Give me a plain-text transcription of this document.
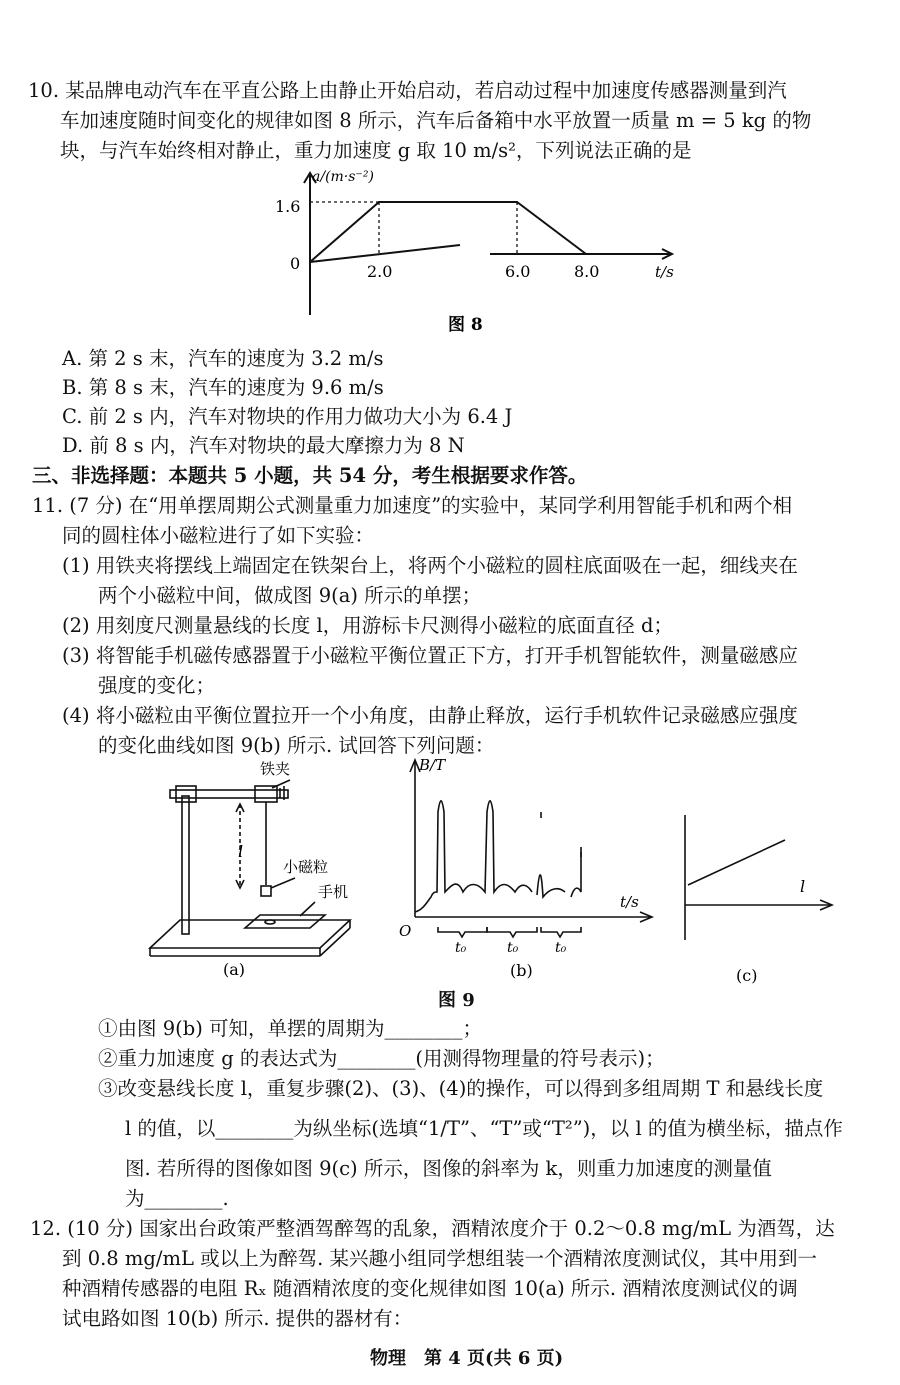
10. 某品牌电动汽车在平直公路上由静止开始启动，若启动过程中加速度传感器测量到汽
车加速度随时间变化的规律如图 8 所示，汽车后备箱中水平放置一质量 m = 5 kg 的物
块，与汽车始终相对静止，重力加速度 g 取 10 m/s²，下列说法正确的是
a/(m·s⁻²)
1.6
0	2.0	6.0	8.0	t/s
图 8
A. 第 2 s 末，汽车的速度为 3.2 m/s
B. 第 8 s 末，汽车的速度为 9.6 m/s
C. 前 2 s 内，汽车对物块的作用力做功大小为 6.4 J
D. 前 8 s 内，汽车对物块的最大摩擦力为 8 N
三、非选择题：本题共 5 小题，共 54 分，考生根据要求作答。
11. (7 分) 在“用单摆周期公式测量重力加速度”的实验中，某同学利用智能手机和两个相
同的圆柱体小磁粒进行了如下实验：
(1) 用铁夹将摆线上端固定在铁架台上，将两个小磁粒的圆柱底面吸在一起，细线夹在
两个小磁粒中间，做成图 9(a) 所示的单摆；
(2) 用刻度尺测量悬线的长度 l，用游标卡尺测得小磁粒的底面直径 d；
(3) 将智能手机磁传感器置于小磁粒平衡位置正下方，打开手机智能软件，测量磁感应
强度的变化；
(4) 将小磁粒由平衡位置拉开一个小角度，由静止释放，运行手机软件记录磁感应强度
的变化曲线如图 9(b) 所示. 试回答下列问题：
l
铁夹
小磁粒
手机
(a)
B/T
t/s
O
t₀	t₀	t₀
(b)
l
(c)
图 9
①由图 9(b) 可知，单摆的周期为________；
②重力加速度 g 的表达式为________(用测得物理量的符号表示)；
③改变悬线长度 l，重复步骤(2)、(3)、(4)的操作，可以得到多组周期 T 和悬线长度
l 的值，以________为纵坐标(选填“1/T”、“T”或“T²”)，以 l 的值为横坐标，描点作
图. 若所得的图像如图 9(c) 所示，图像的斜率为 k，则重力加速度的测量值
为________.
12. (10 分) 国家出台政策严整酒驾醉驾的乱象，酒精浓度介于 0.2～0.8 mg/mL 为酒驾，达
到 0.8 mg/mL 或以上为醉驾. 某兴趣小组同学想组装一个酒精浓度测试仪，其中用到一
种酒精传感器的电阻 Rₓ 随酒精浓度的变化规律如图 10(a) 所示. 酒精浓度测试仪的调
试电路如图 10(b) 所示. 提供的器材有：
物理　第 4 页(共 6 页)
